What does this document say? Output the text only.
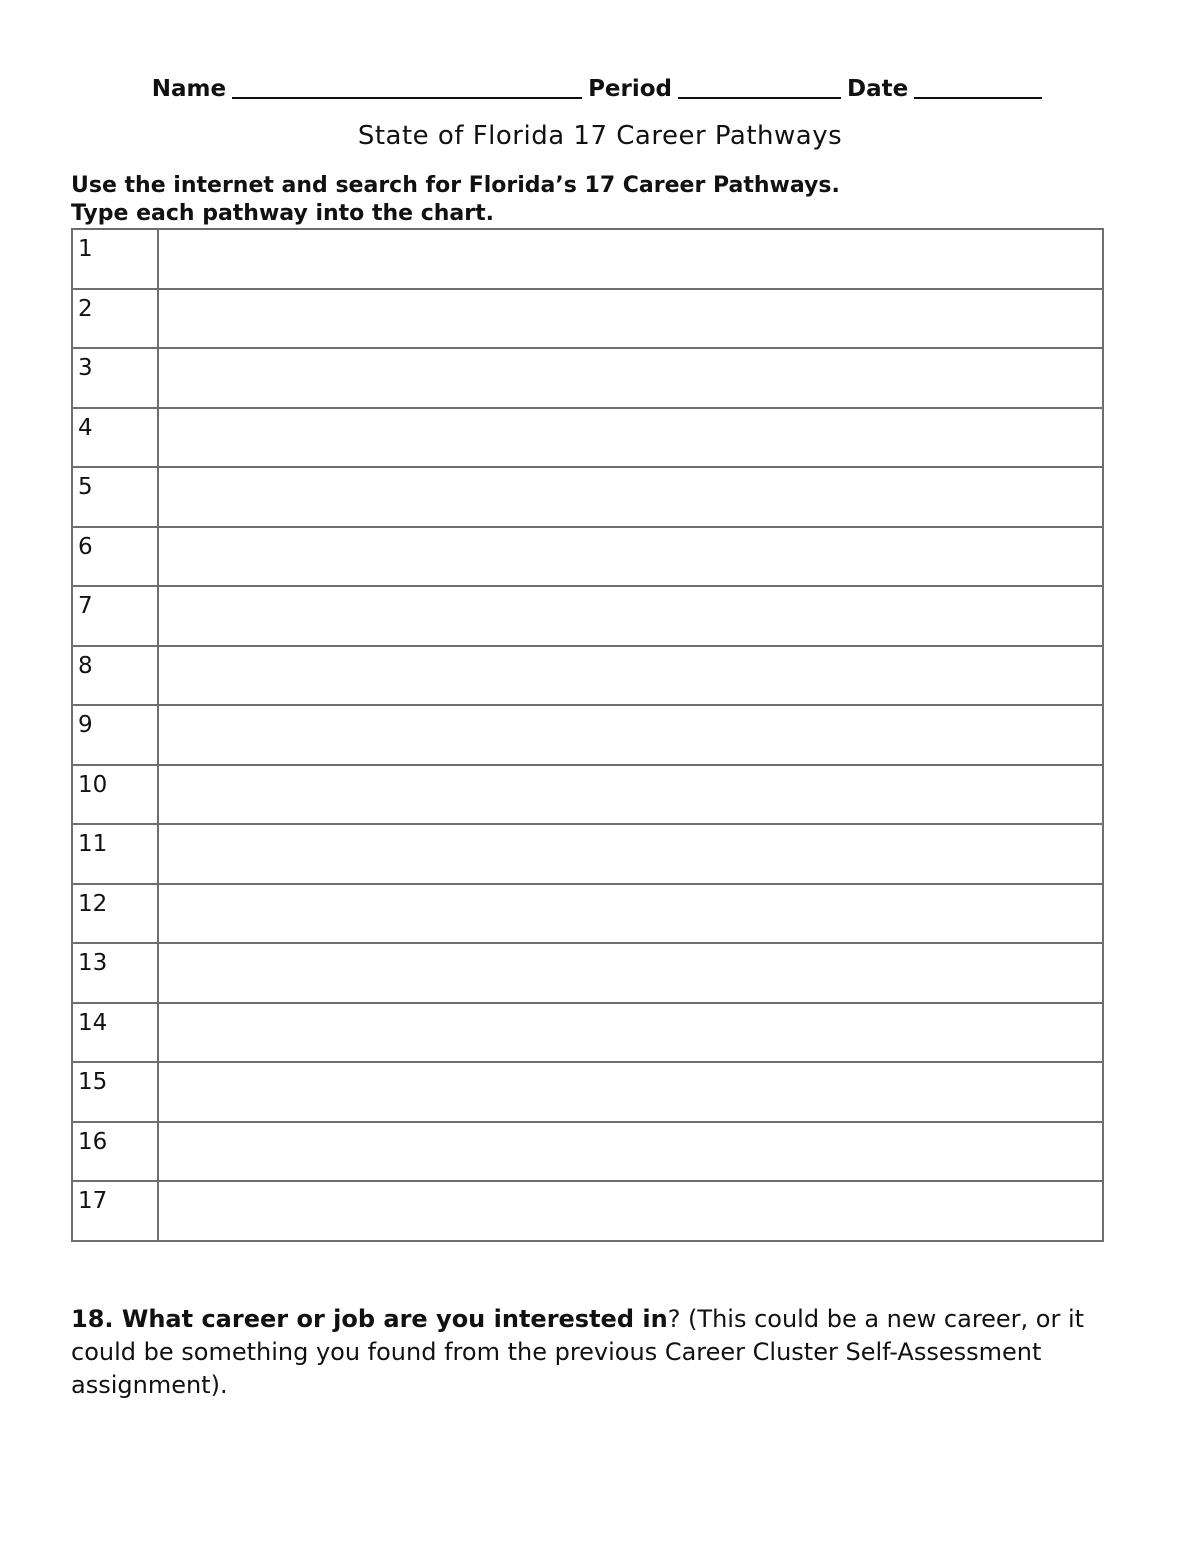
Name	Period	Date
State of Florida 17 Career Pathways
Use the internet and search for Florida’s 17 Career Pathways.
Type each pathway into the chart.
1	
2	
3	
4	
5	
6	
7	
8	
9	
10	
11	
12	
13	
14	
15	
16	
17	
18. What career or job are you interested in? (This could be a new career, or it could be something you found from the previous Career Cluster Self-Assessment assignment).
